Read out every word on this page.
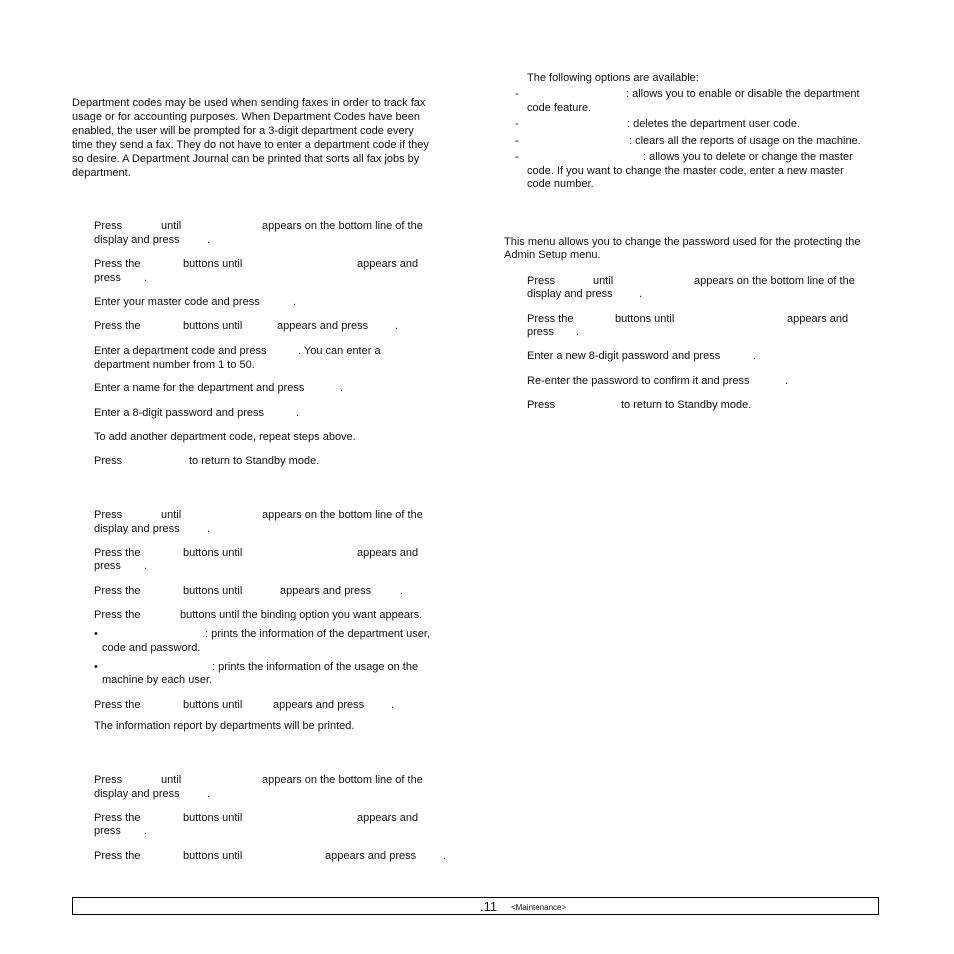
Department codes may be used when sending faxes in order to track fax

usage or for accounting purposes. When Department Codes have been

enabled, the user will be prompted for a 3-digit department code every

time they send a fax. They do not have to enter a department code if they

so desire. A Department Journal can be printed that sorts all fax jobs by

department.

Press	until	appears on the bottom line of the
display and press .
Press the	buttons until	appears and
press .
Enter your master code and press	.
Press the	buttons until	appears and press .
Enter a department code and press	. You can enter a
department number from 1 to 50.
Enter a name for the department and press	.
Enter a 8-digit password and press	.
To add another department code, repeat steps above.
Press	to return to Standby mode.
Press	until	appears on the bottom line of the
display and press .
Press the	buttons until	appears and
press .
Press the	buttons until	appears and press	.
Press the	buttons until the binding option you want appears.
•	: prints the information of the department user,
code and password.
•	: prints the information of the usage on the
machine by each user.
Press the	buttons until	appears and press .
The information report by departments will be printed.
Press	until	appears on the bottom line of the
display and press .
Press the	buttons until	appears and
press .
Press the	buttons until	appears and press .
The following options are available:
-	: allows you to enable or disable the department
code feature.
-	: deletes the department user code.
-	: clears all the reports of usage on the machine.
-	: allows you to delete or change the master
code. If you want to change the master code, enter a new master
code number.
This menu allows you to change the password used for the protecting the
Admin Setup menu.
Press	until	appears on the bottom line of the
display and press .
Press the	buttons until	appears and
press .
Enter a new 8-digit password and press	.
Re-enter the password to confirm it and press	.
Press	to return to Standby mode.
.11 <Maintenance>
